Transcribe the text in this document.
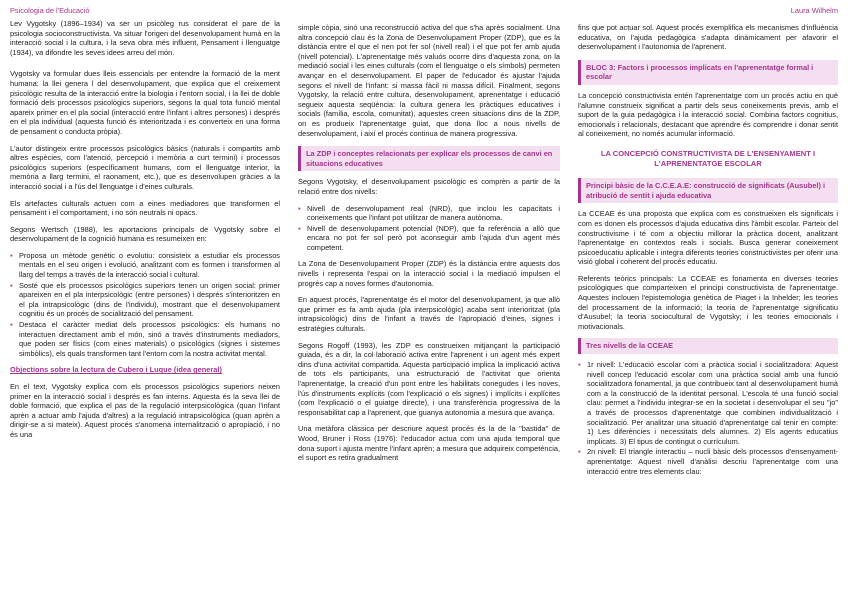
Psicologia de l'Educació	Laura Wilhelm

Lev Vygotsky (1896–1934) va ser un psicòleg rus considerat el pare de la psicologia socioconstructivista. Va situar l'origen del desenvolupament humà en la interacció social i la cultura, i la seva obra més influent, Pensament i llenguatge (1934), va difondre les seves idees arreu del món.

Vygotsky va formular dues lleis essencials per entendre la formació de la ment humana: la llei genera l del desenvolupament, que explica que el creixement psicològic resulta de la interacció entre la biologia i l'entorn social, i la llei de doble formació dels processos psicològics superiors, segons la qual tota funció mental apareix primer en el pla social (interacció entre l'infant i altres persones) i després en el pla individual (aquesta funció és interioritzada i es converteix en una forma de pensament o conducta pròpia).

L'autor distingeix entre processos psicològics bàsics (naturals i compartits amb altres espècies, com l'atenció, percepció i memòria a curt termini) i processos psicològics superiors (específicament humans, com el llenguatge interior, la memòria a llarg termini, el raonament, etc.), que es desenvolupen gràcies a la interacció social i a l'ús del llenguatge i d'eines culturals.

Els artefactes culturals actuen com a eines mediadores que transformen el pensament i el comportament, i no són neutrals ni opacs.

Segons Wertsch (1988), les aportacions principals de Vygotsky sobre el desenvolupament de la cognició humana es resumeixen en:

▪ Proposa un mètode genètic o evolutiu: consisteix a estudiar els processos mentals en el seu origen i evolució, analitzant com es formen i transformen al llarg del temps a través de la interacció social i cultural.
▪ Sosté que els processos psicològics superiors tenen un origen social: primer apareixen en el pla interpsicològic (entre persones) i després s'interioritzen en el pla intrapsicològic (dins de l'individu), mostrant que el desenvolupament cognitiu és un procés de socialització del pensament.
▪ Destaca el caràcter mediat dels processos psicològics: els humans no interactuen directament amb el món, sinó a través d'instruments mediadors, que poden ser físics (com eines materials) o psicològics (signes i sistemes simbòlics), els quals transformen tant l'entorn com la nostra activitat mental.
Objections sobre la lectura de Cubero i Luque (idea general)

En el text, Vygotsky explica com els processos psicològics superiors neixen primer en la interacció social i després es fan interns. Aquesta és la seva llei de doble formació, que explica el pas de la regulació interpsicològica (quan l'infant aprèn a actuar amb l'ajuda d'altres) a la regulació intrapsicològica (quan aprèn a dirigir-se a si mateix). Aquest procés s'anomena internalització o apropiació, i no és una

simple còpia, sinó una reconstrucció activa del que s'ha après socialment. Una altra concepció clau és la Zona de Desenvolupament Proper (ZDP), que es la distància entre el que el nen pot fer sol (nivell real) i el que pot fer amb ajuda (nivell potencial). L'aprenentatge més valuós ocorre dins d'aquesta zona, on la mediació social i les eines culturals (com el llenguatge o els símbols) permeten avançar en el desenvolupament. El paper de l'educador és ajustar l'ajuda segons el nivell de l'infant: si massa fàcil ni massa difícil. Finalment, segons Vygotsky, la relació entre cultura, desenvolupament, aprenentatge i educació segueix aquesta seqüència: la cultura genera les pràctiques educatives i socials (família, escola, comunitat), aquestes creen situacions dins de la ZDP, on es produeix l'aprenentatge guiat, que dona lloc a nous nivells de desenvolupament, i així el procés continua de manera progressiva.

La ZDP i conceptes relacionats per explicar els processos de canvi en situacions educatives

Segons Vygotsky, el desenvolupament psicològic es comprèn a partir de la relació entre dos nivells:

▪ Nivell de desenvolupament real (NRD), que inclou les capacitats i coneixements que l'infant pot utilitzar de manera autònoma.
▪ Nivell de desenvolupament potencial (NDP), que fa referència a allò que encara no pot fer sol però pot aconseguir amb l'ajuda d'un agent més competent.

La Zona de Desenvolupament Proper (ZDP) és la distància entre aquests dos nivells i representa l'espai on la interacció social i la mediació impulsen el progrés cap a noves formes d'autonomia.

En aquest procés, l'aprenentatge és el motor del desenvolupament, ja que allò que primer es fa amb ajuda (pla interpsicològic) acaba sent interioritzat (pla intrapsicològic) dins de l'infant a través de l'apropiació d'eines, signes i estratègies culturals.

Segons Rogoff (1993), les ZDP es construeixen mitjançant la participació guiada, és a dir, la col·laboració activa entre l'aprenent i un agent més expert dins d'una activitat compartida. Aquesta participació implica la implicació activa de tots els participants, una estructuració de l'activitat que orienta l'aprenentatge, la creació d'un pont entre les habilitats conegudes i les noves, l'ús d'instruments explícits (com l'explicació o els signes) i implícits i explícites (com l'explicació o el guiatge directe), i una transferència progressiva de la responsabilitat cap a l'aprenent, que guanya autonomia a mesura que avança.

Una metàfora clàssica per descriure aquest procés és la de la "bastida" de Wood, Bruner i Ross (1976): l'educador actua com una ajuda temporal que dona suport i ajusta mentre l'infant aprèn; a mesura que adquireix competència, el suport es retira gradualment

fins que pot actuar sol. Aquest procés exemplifica els mecanismes d'influència educativa, on l'ajuda pedagògica s'adapta dinàmicament per afavorir el desenvolupament i l'autonomia de l'aprenent.

BLOC 3: Factors i processos implicats en l'aprenentatge formal i escolar

La concepció constructivista entén l'aprenentatge com un procés actiu en què l'alumne construeix significat a partir dels seus coneixements previs, amb el suport de la guia pedagògica i la interacció social. Combina factors cognitius, emocionals i relacionals, destacant que aprendre és comprendre i donar sentit al coneixement, no només acumular informació.

LA CONCEPCIÓ CONSTRUCTIVISTA DE L'ENSENYAMENT I L'APRENENTATGE ESCOLAR
Principi bàsic de la C.C.E.A.E: construcció de significats (Ausubel) i atribució de sentit i ajuda educativa

La CCEAE és una proposta que explica com es construeixen els significats i com es donen els processos d'ajuda educativa dins l'àmbit escolar. Parteix del constructivisme i té com a objectiu millorar la pràctica docent, analitzant l'aprenentatge en contextos reals i socials. Busca generar coneixement psicoeducatiu aplicable i integra diferents teories constructivistes per oferir una visió global i coherent del procés educatiu.

Referents teòrics principals: La CCEAE es fonamenta en diverses teories psicològiques que comparteixen el principi constructivista de l'aprenentatge. Aquestes inclouen l'epistemologia genètica de Piaget i la Inhelder; les teories del processament de la informació; la teoria de l'aprenentatge significatiu d'Ausubel; la teoria sociocultural de Vygotsky; i les teories emocionals i motivacionals.

Tres nivells de la CCEAE
▪ 1r nivell: L'educació escolar com a pràctica social i socialitzadora: Aquest nivell concep l'educació escolar com una pràctica social amb una funció socialitzadora fonamental, ja que contribueix tant al desenvolupament humà com a la construcció de la identitat personal. L'escola té una funció social clau: permet a l'individu integrar-se en la societat i desenvolupar el seu "jo" a través de processos d'aprenentatge que combinen individualització i socialització. Per analitzar una situació d'aprenentatge cal tenir en compte: 1) Les diferències i necessitats dels alumnes. 2) Els agents educatius implicats. 3) El tipus de contingut o currículum.
▪ 2n nivell: El triangle interactiu – nucli bàsic dels processos d'ensenyament-aprenentatge: Aquest nivell d'anàlisi descriu l'aprenentatge com una interacció entre tres elements clau:
